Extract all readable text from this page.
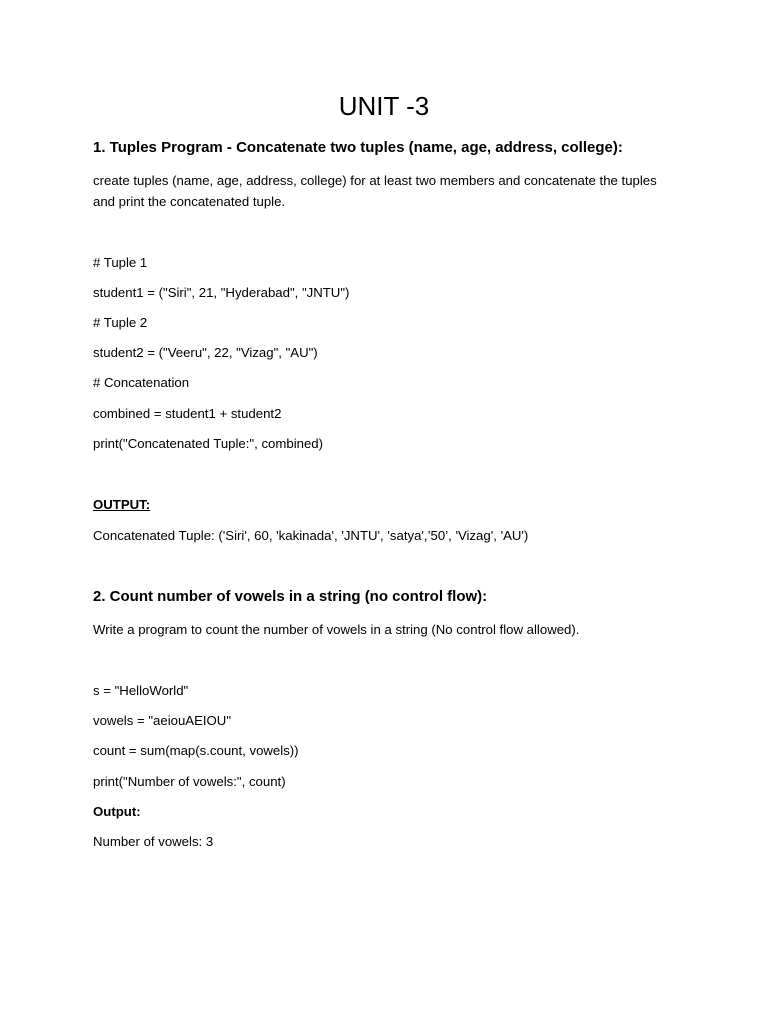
UNIT -3
1. Tuples Program - Concatenate two tuples (name, age, address, college):
create tuples (name, age, address, college) for at least two members and concatenate the tuples and print the concatenated tuple.
# Tuple 1
student1 = ("Siri", 21, "Hyderabad", "JNTU")
# Tuple 2
student2 = ("Veeru", 22, "Vizag", "AU")
# Concatenation
combined = student1 + student2
print("Concatenated Tuple:", combined)
OUTPUT:
Concatenated Tuple: ('Siri', 60, 'kakinada', 'JNTU', 'satya',’50’, 'Vizag', 'AU')
2. Count number of vowels in a string (no control flow):
Write a program to count the number of vowels in a string (No control flow allowed).
s = "HelloWorld"
vowels = "aeiouAEIOU"
count = sum(map(s.count, vowels))
print("Number of vowels:", count)
Output:
Number of vowels: 3
